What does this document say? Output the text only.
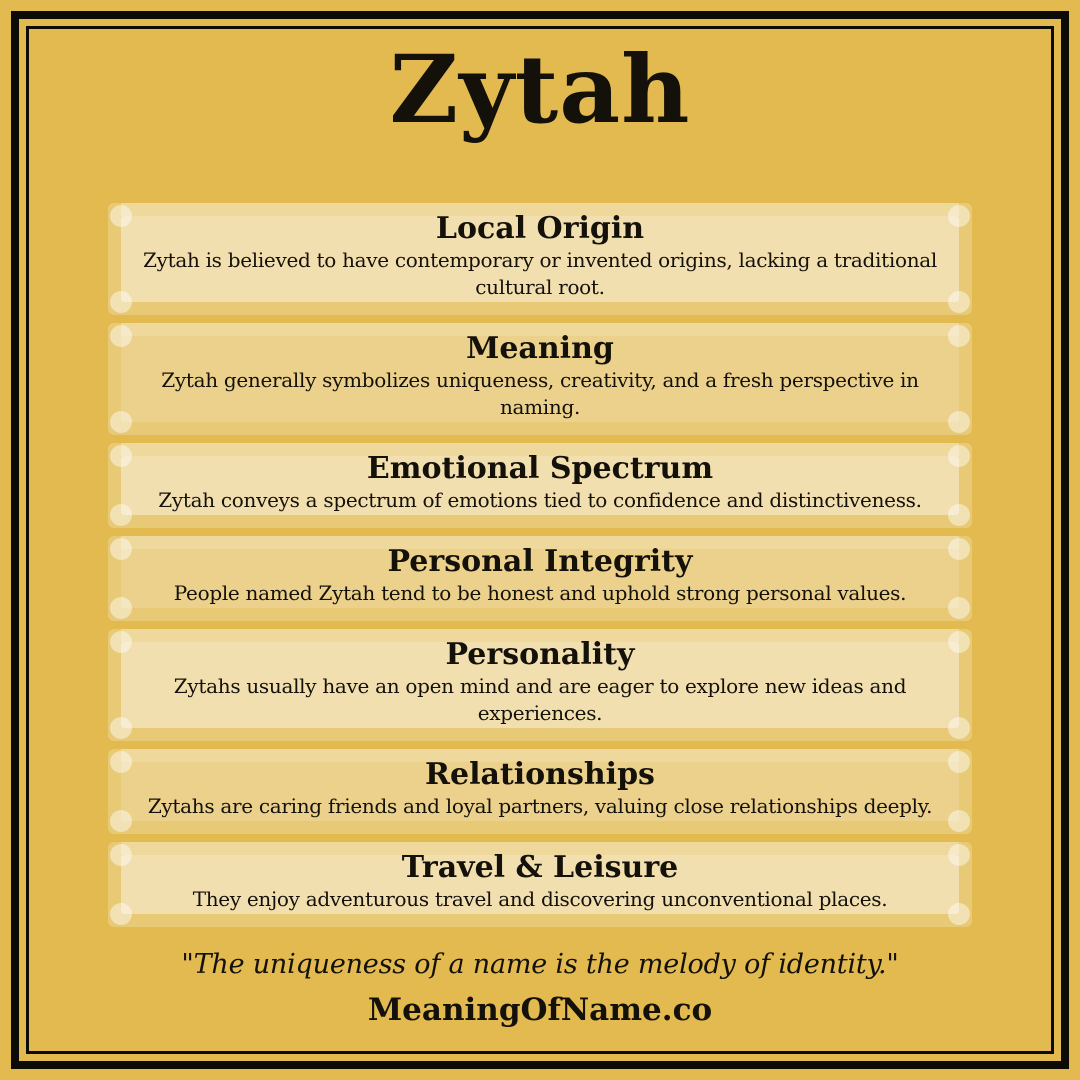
Zytah
Local Origin

Zytah is believed to have contemporary or invented origins, lacking a traditional cultural root.

Meaning

Zytah generally symbolizes uniqueness, creativity, and a fresh perspective in naming.

Emotional Spectrum

Zytah conveys a spectrum of emotions tied to confidence and distinctiveness.

Personal Integrity

People named Zytah tend to be honest and uphold strong personal values.

Personality

Zytahs usually have an open mind and are eager to explore new ideas and experiences.

Relationships

Zytahs are caring friends and loyal partners, valuing close relationships deeply.

Travel & Leisure

They enjoy adventurous travel and discovering unconventional places.

"The uniqueness of a name is the melody of identity."

MeaningOfName.co
